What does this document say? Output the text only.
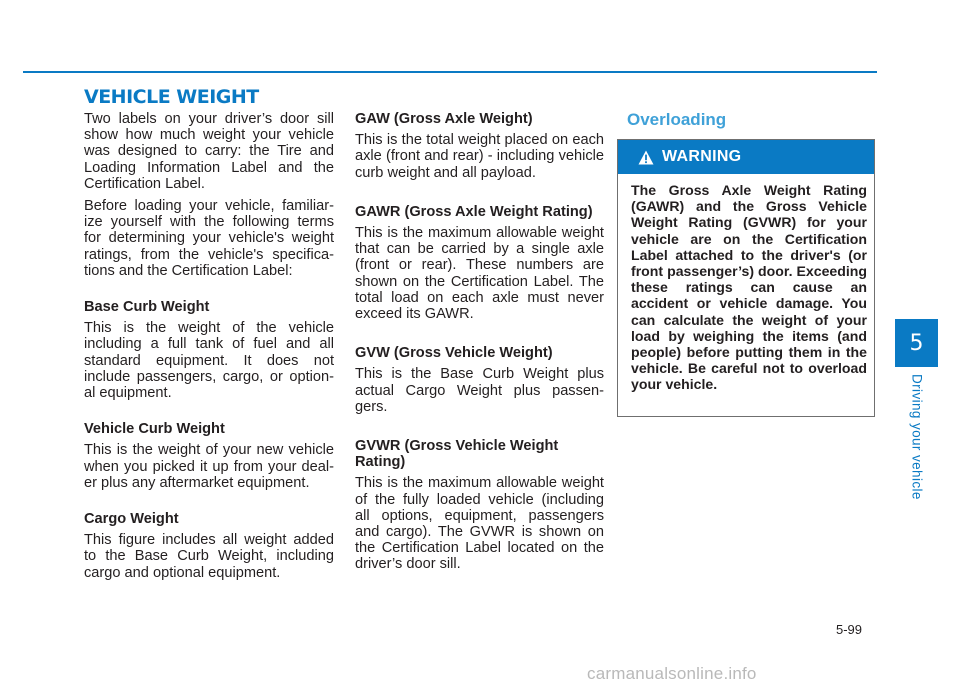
VEHICLE WEIGHT

Two labels on your driver’s door sill show how much weight your vehicle was designed to carry: the Tire and Loading Information Label and the Certification Label.

Before loading your vehicle, familiar-ize yourself with the following terms for determining your vehicle's weight ratings, from the vehicle's specifica-tions and the Certification Label:

Base Curb Weight

This is the weight of the vehicle including a full tank of fuel and all standard equipment. It does not include passengers, cargo, or option-al equipment.

Vehicle Curb Weight

This is the weight of your new vehicle when you picked it up from your deal-er plus any aftermarket equipment.

Cargo Weight

This figure includes all weight added to the Base Curb Weight, including cargo and optional equipment.

GAW (Gross Axle Weight)

This is the total weight placed on each axle (front and rear) - including vehicle curb weight and all payload.

GAWR (Gross Axle Weight Rating)

This is the maximum allowable weight that can be carried by a single axle (front or rear). These numbers are shown on the Certification Label. The total load on each axle must never exceed its GAWR.

GVW (Gross Vehicle Weight)

This is the Base Curb Weight plus actual Cargo Weight plus passen-gers.

GVWR (Gross Vehicle Weight Rating)

This is the maximum allowable weight of the fully loaded vehicle (including all options, equipment, passengers and cargo). The GVWR is shown on the Certification Label located on the driver’s door sill.

Overloading
WARNING
The Gross Axle Weight Rating (GAWR) and the Gross Vehicle Weight Rating (GVWR) for your vehicle are on the Certification Label attached to the driver's (or front passenger’s) door. Exceeding these ratings can cause an accident or vehicle damage. You can calculate the weight of your load by weighing the items (and people) before putting them in the vehicle. Be careful not to overload your vehicle.
5
Driving your vehicle
5-99
carmanualsonline.info
